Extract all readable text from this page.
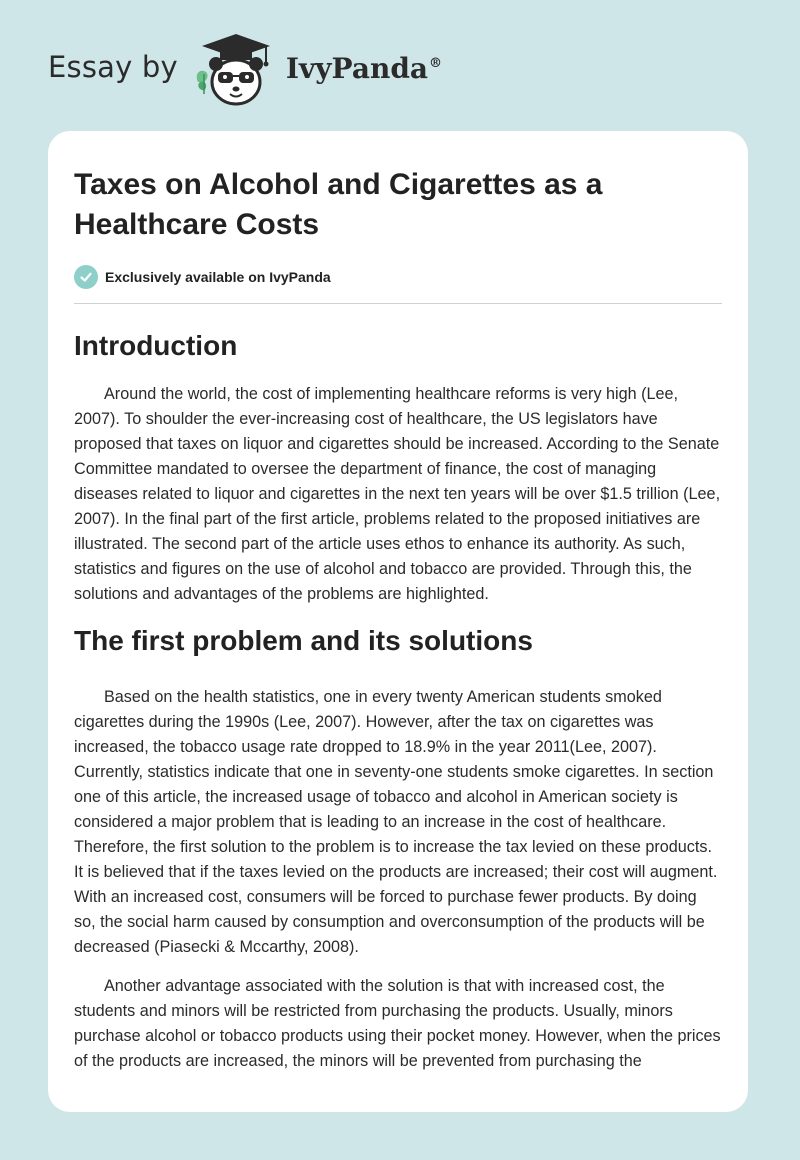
Essay by	IvyPanda®
Taxes on Alcohol and Cigarettes as a Healthcare Costs
Exclusively available on IvyPanda
Introduction

Around the world, the cost of implementing healthcare reforms is very high (Lee, 2007). To shoulder the ever-increasing cost of healthcare, the US legislators have proposed that taxes on liquor and cigarettes should be increased. According to the Senate Committee mandated to oversee the department of finance, the cost of managing diseases related to liquor and cigarettes in the next ten years will be over $1.5 trillion (Lee, 2007). In the final part of the first article, problems related to the proposed initiatives are illustrated. The second part of the article uses ethos to enhance its authority. As such, statistics and figures on the use of alcohol and tobacco are provided. Through this, the solutions and advantages of the problems are highlighted.

The first problem and its solutions

Based on the health statistics, one in every twenty American students smoked cigarettes during the 1990s (Lee, 2007). However, after the tax on cigarettes was increased, the tobacco usage rate dropped to 18.9% in the year 2011(Lee, 2007). Currently, statistics indicate that one in seventy-one students smoke cigarettes. In section one of this article, the increased usage of tobacco and alcohol in American society is considered a major problem that is leading to an increase in the cost of healthcare. Therefore, the first solution to the problem is to increase the tax levied on these products. It is believed that if the taxes levied on the products are increased; their cost will augment. With an increased cost, consumers will be forced to purchase fewer products. By doing so, the social harm caused by consumption and overconsumption of the products will be decreased (Piasecki & Mccarthy, 2008).

Another advantage associated with the solution is that with increased cost, the students and minors will be restricted from purchasing the products. Usually, minors purchase alcohol or tobacco products using their pocket money. However, when the prices of the products are increased, the minors will be prevented from purchasing the
